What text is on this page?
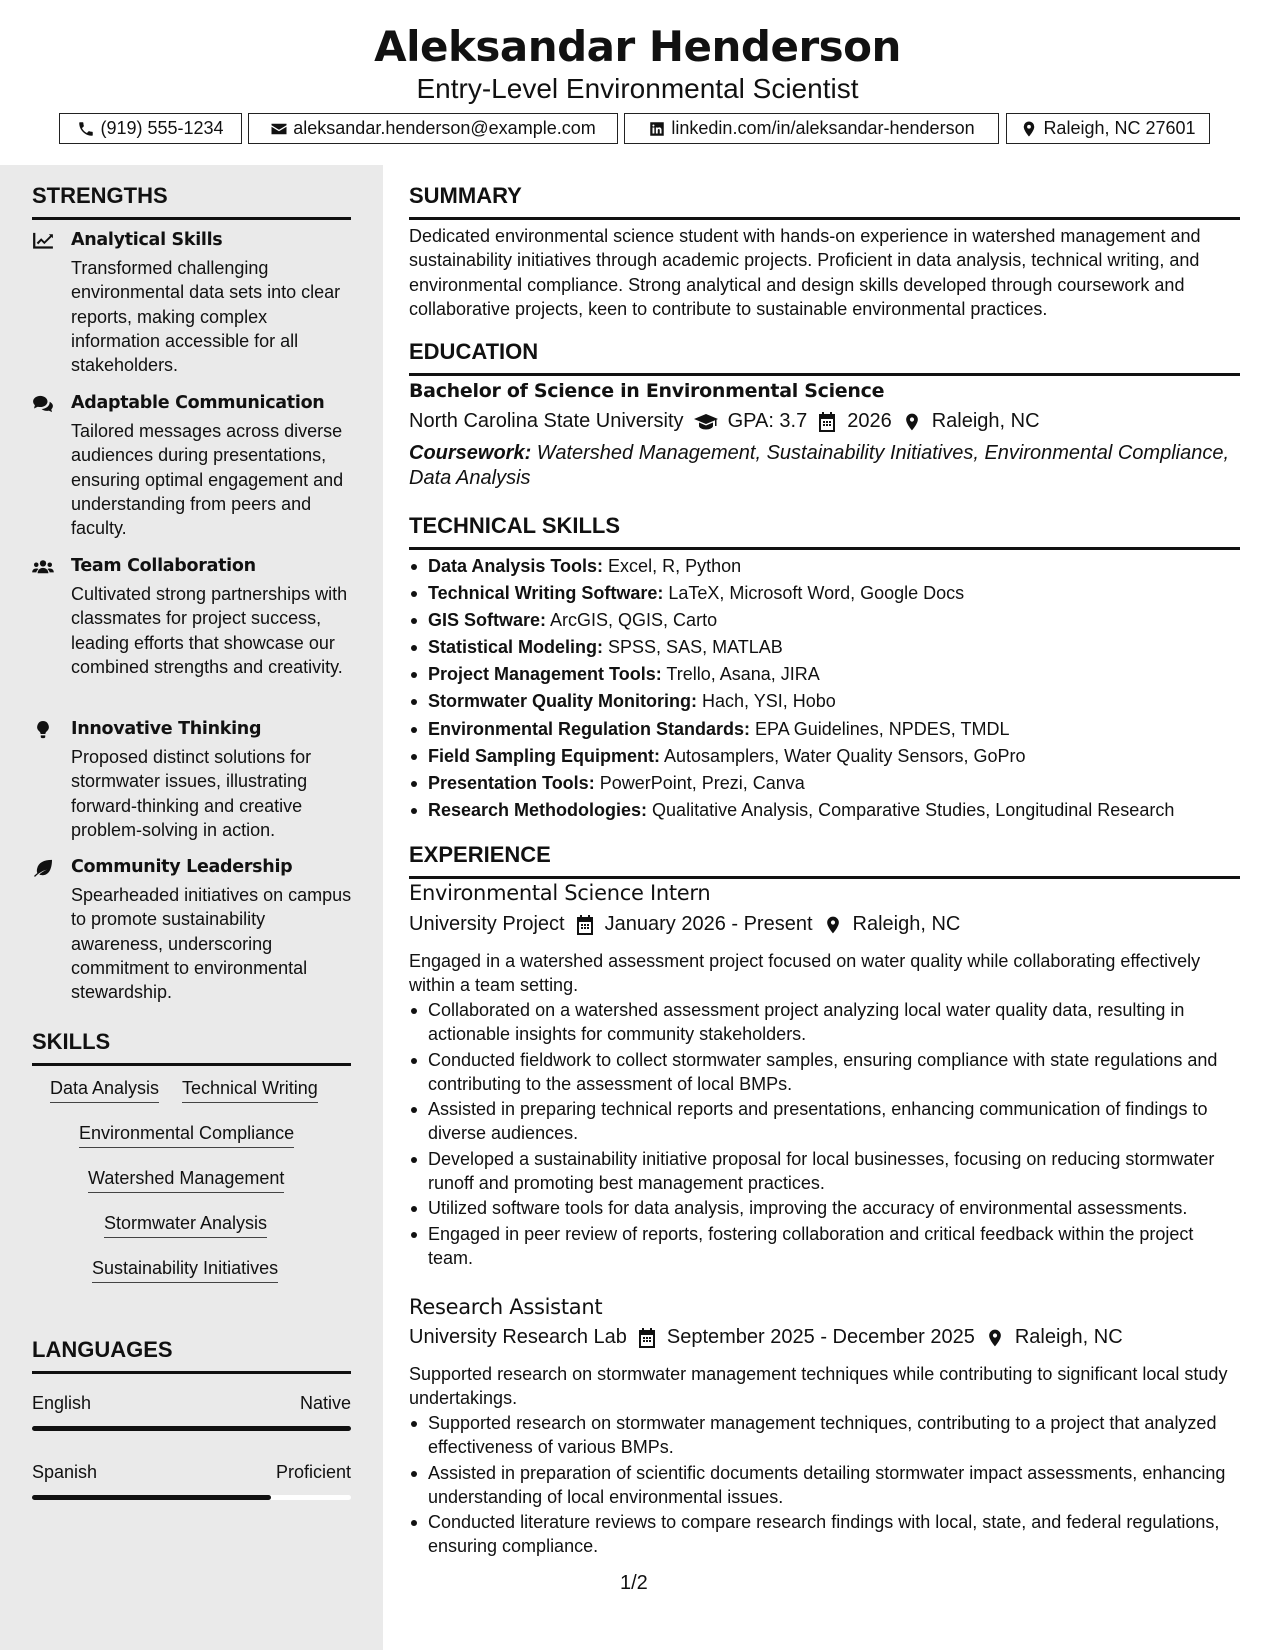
Aleksandar Henderson
Entry-Level Environmental Scientist
(919) 555-1234	aleksandar.henderson@example.com	linkedin.com/in/aleksandar-henderson	Raleigh, NC 27601
STRENGTHS
Analytical Skills
Transformed challenging environmental data sets into clear reports, making complex information accessible for all stakeholders.
Adaptable Communication
Tailored messages across diverse audiences during presentations, ensuring optimal engagement and understanding from peers and faculty.
Team Collaboration
Cultivated strong partnerships with classmates for project success, leading efforts that showcase our combined strengths and creativity.
Innovative Thinking
Proposed distinct solutions for stormwater issues, illustrating forward-thinking and creative problem-solving in action.
Community Leadership
Spearheaded initiatives on campus to promote sustainability awareness, underscoring commitment to environmental stewardship.
SKILLS
Data Analysis Technical Writing
Environmental Compliance
Watershed Management
Stormwater Analysis
Sustainability Initiatives
LANGUAGES
English	Native
Spanish	Proficient
SUMMARY
Dedicated environmental science student with hands-on experience in watershed management and sustainability initiatives through academic projects. Proficient in data analysis, technical writing, and environmental compliance. Strong analytical and design skills developed through coursework and collaborative projects, keen to contribute to sustainable environmental practices.
EDUCATION
Bachelor of Science in Environmental Science
North Carolina State University GPA: 3.7 2026 Raleigh, NC
Coursework: Watershed Management, Sustainability Initiatives, Environmental Compliance, Data Analysis
TECHNICAL SKILLS
Data Analysis Tools: Excel, R, Python
Technical Writing Software: LaTeX, Microsoft Word, Google Docs
GIS Software: ArcGIS, QGIS, Carto
Statistical Modeling: SPSS, SAS, MATLAB
Project Management Tools: Trello, Asana, JIRA
Stormwater Quality Monitoring: Hach, YSI, Hobo
Environmental Regulation Standards: EPA Guidelines, NPDES, TMDL
Field Sampling Equipment: Autosamplers, Water Quality Sensors, GoPro
Presentation Tools: PowerPoint, Prezi, Canva
Research Methodologies: Qualitative Analysis, Comparative Studies, Longitudinal Research
EXPERIENCE
Environmental Science Intern
University Project January 2026 - Present Raleigh, NC
Engaged in a watershed assessment project focused on water quality while collaborating effectively within a team setting.
Collaborated on a watershed assessment project analyzing local water quality data, resulting in actionable insights for community stakeholders.
Conducted fieldwork to collect stormwater samples, ensuring compliance with state regulations and contributing to the assessment of local BMPs.
Assisted in preparing technical reports and presentations, enhancing communication of findings to diverse audiences.
Developed a sustainability initiative proposal for local businesses, focusing on reducing stormwater runoff and promoting best management practices.
Utilized software tools for data analysis, improving the accuracy of environmental assessments.
Engaged in peer review of reports, fostering collaboration and critical feedback within the project team.
Research Assistant
University Research Lab September 2025 - December 2025 Raleigh, NC
Supported research on stormwater management techniques while contributing to significant local study undertakings.
Supported research on stormwater management techniques, contributing to a project that analyzed effectiveness of various BMPs.
Assisted in preparation of scientific documents detailing stormwater impact assessments, enhancing understanding of local environmental issues.
Conducted literature reviews to compare research findings with local, state, and federal regulations, ensuring compliance.
1/2
